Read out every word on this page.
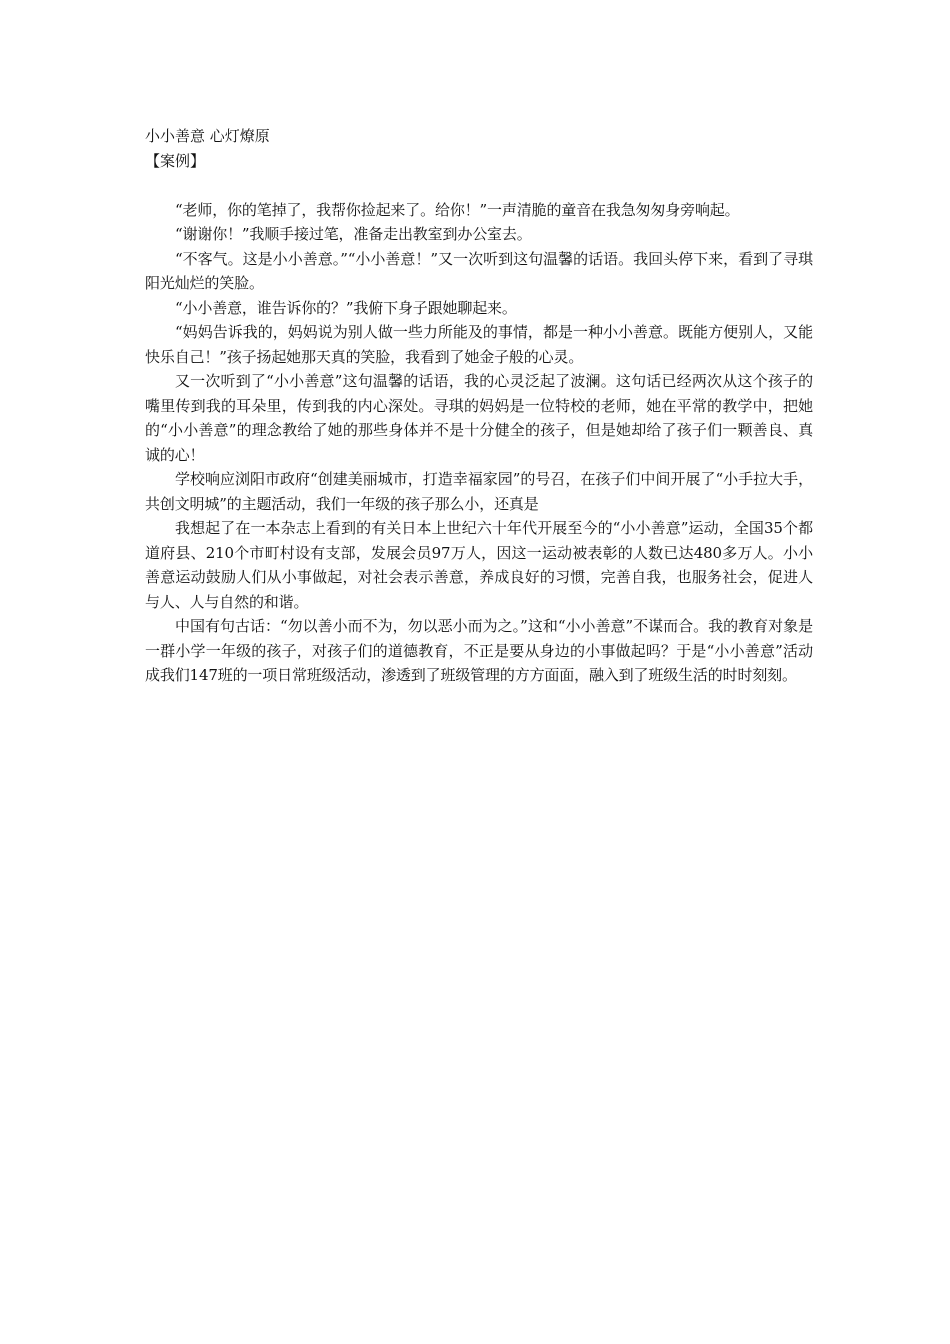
小小善意 心灯燎原

【案例】

“老师，你的笔掉了，我帮你捡起来了。给你！”一声清脆的童音在我急匆匆身旁响起。

“谢谢你！”我顺手接过笔，准备走出教室到办公室去。

“不客气。这是小小善意。”“小小善意！”又一次听到这句温馨的话语。我回头停下来，看到了寻琪阳光灿烂的笑脸。

“小小善意，谁告诉你的？”我俯下身子跟她聊起来。

“妈妈告诉我的，妈妈说为别人做一些力所能及的事情，都是一种小小善意。既能方便别人，又能快乐自己！”孩子扬起她那天真的笑脸，我看到了她金子般的心灵。

又一次听到了“小小善意”这句温馨的话语，我的心灵泛起了波澜。这句话已经两次从这个孩子的嘴里传到我的耳朵里，传到我的内心深处。寻琪的妈妈是一位特校的老师，她在平常的教学中，把她的“小小善意”的理念教给了她的那些身体并不是十分健全的孩子，但是她却给了孩子们一颗善良、真诚的心！

学校响应浏阳市政府“创建美丽城市，打造幸福家园”的号召，在孩子们中间开展了“小手拉大手，共创文明城”的主题活动，我们一年级的孩子那么小，还真是

我想起了在一本杂志上看到的有关日本上世纪六十年代开展至今的“小小善意”运动，全国35个都道府县、210个市町村设有支部，发展会员97万人，因这一运动被表彰的人数已达480多万人。小小善意运动鼓励人们从小事做起，对社会表示善意，养成良好的习惯，完善自我，也服务社会，促进人与人、人与自然的和谐。

中国有句古话：“勿以善小而不为，勿以恶小而为之。”这和“小小善意”不谋而合。我的教育对象是一群小学一年级的孩子，对孩子们的道德教育，不正是要从身边的小事做起吗？于是“小小善意”活动成我们147班的一项日常班级活动，渗透到了班级管理的方方面面，融入到了班级生活的时时刻刻。
